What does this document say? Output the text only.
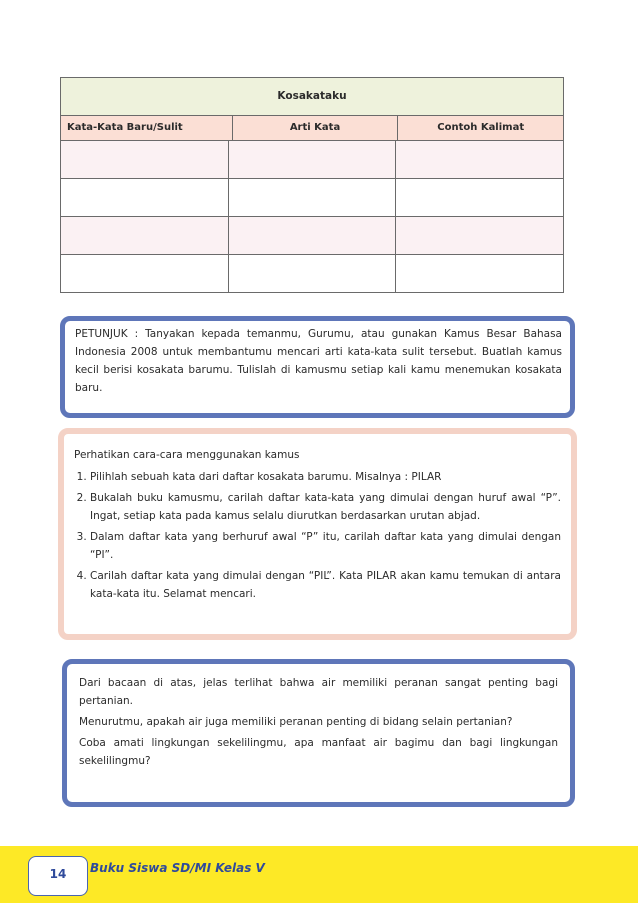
Kosakataku
Kata-Kata Baru/Sulit	Arti Kata	Contoh Kalimat
PETUNJUK : Tanyakan kepada temanmu, Gurumu, atau gunakan Kamus Besar Bahasa Indonesia 2008 untuk membantumu mencari arti kata-kata sulit tersebut. Buatlah kamus kecil berisi kosakata barumu. Tulislah di kamusmu setiap kali kamu menemukan kosakata baru.
Perhatikan cara-cara menggunakan kamus
1. Pilihlah sebuah kata dari daftar kosakata barumu. Misalnya : PILAR
2. Bukalah buku kamusmu, carilah daftar kata-kata yang dimulai dengan huruf awal “P”. Ingat, setiap kata pada kamus selalu diurutkan berdasarkan urutan abjad.
3. Dalam daftar kata yang berhuruf awal “P” itu, carilah daftar kata yang dimulai dengan “PI”.
4. Carilah daftar kata yang dimulai dengan “PIL”. Kata PILAR akan kamu temukan di antara kata-kata itu. Selamat mencari.

Dari bacaan di atas, jelas terlihat bahwa air memiliki peranan sangat penting bagi pertanian.

Menurutmu, apakah air juga memiliki peranan penting di bidang selain pertanian?

Coba amati lingkungan sekelilingmu, apa manfaat air bagimu dan bagi lingkungan sekelilingmu?

14	Buku Siswa SD/MI Kelas V
